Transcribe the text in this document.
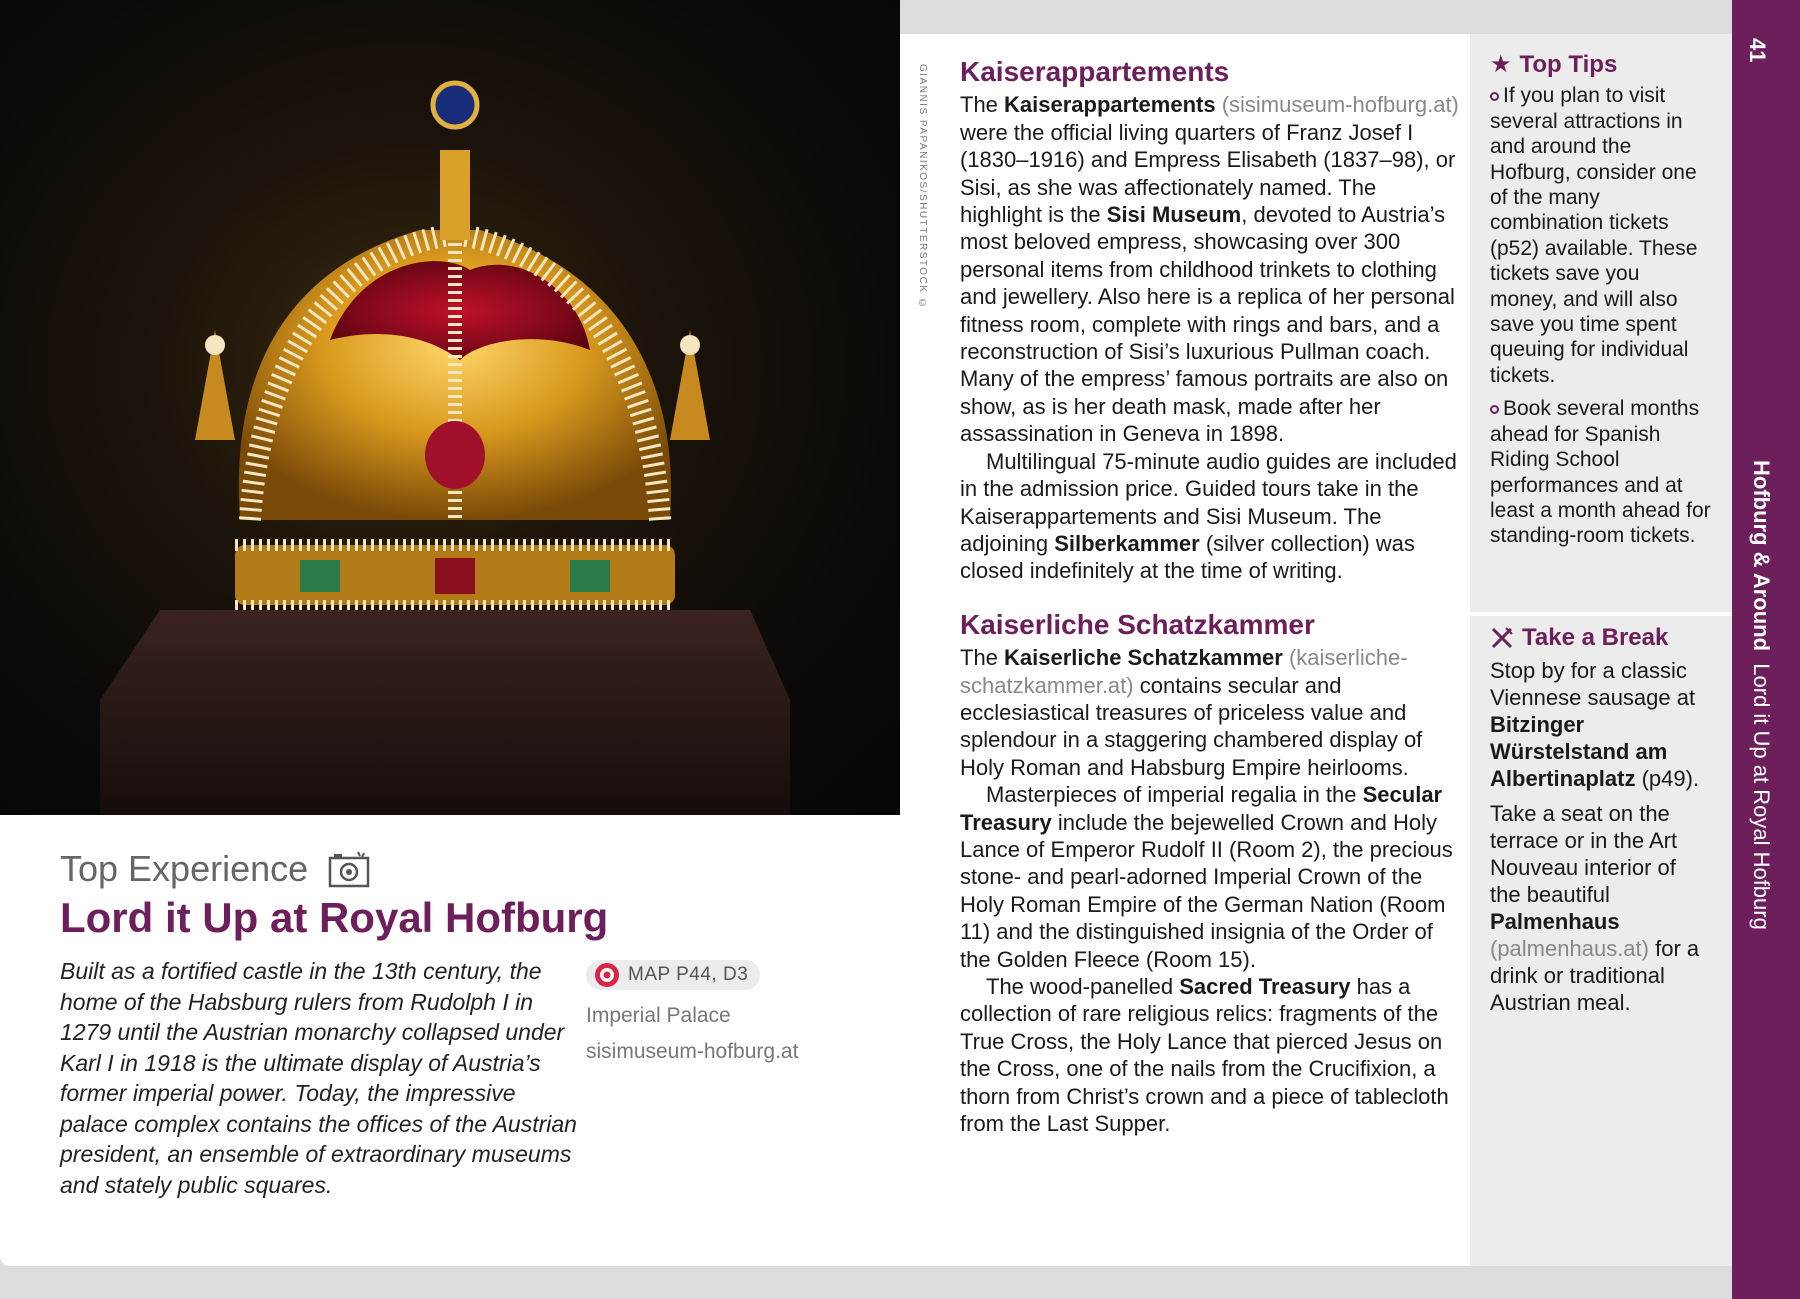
GIANNIS PAPANIKOS/SHUTTERSTOCK ©
Top Experience
Lord it Up at Royal Hofburg
Built as a fortified castle in the 13th century, the home of the Habsburg rulers from Rudolph I in 1279 until the Austrian monarchy collapsed under Karl I in 1918 is the ultimate display of Austria’s former imperial power. Today, the impressive palace complex contains the offices of the Austrian president, an ensemble of extraordinary museums and stately public squares.
MAP P44, D3
Imperial Palace
sisimuseum-hofburg.at
Kaiserappartements

The Kaiserappartements (sisimuseum-hofburg.at) were the official living quarters of Franz Josef I (1830–1916) and Empress Elisabeth (1837–98), or Sisi, as she was affectionately named. The highlight is the Sisi Museum, devoted to Austria’s most beloved empress, showcasing over 300 personal items from childhood trinkets to clothing and jewellery. Also here is a replica of her personal fitness room, complete with rings and bars, and a reconstruction of Sisi’s luxurious Pullman coach. Many of the empress’ famous portraits are also on show, as is her death mask, made after her assassination in Geneva in 1898.

Multilingual 75-minute audio guides are included in the admission price. Guided tours take in the Kaiserappartements and Sisi Museum. The adjoining Silberkammer (silver collection) was closed indefinitely at the time of writing.

Kaiserliche Schatzkammer

The Kaiserliche Schatzkammer (kaiserliche-schatzkammer.at) contains secular and ecclesiastical treasures of priceless value and splendour in a staggering chambered display of Holy Roman and Habsburg Empire heirlooms.

Masterpieces of imperial regalia in the Secular Treasury include the bejewelled Crown and Holy Lance of Emperor Rudolf II (Room 2), the precious stone- and pearl-adorned Imperial Crown of the Holy Roman Empire of the German Nation (Room 11) and the distinguished insignia of the Order of the Golden Fleece (Room 15).

The wood-panelled Sacred Treasury has a collection of rare religious relics: fragments of the True Cross, the Holy Lance that pierced Jesus on the Cross, one of the nails from the Crucifixion, a thorn from Christ’s crown and a piece of tablecloth from the Last Supper.

★ Top Tips

If you plan to visit several attractions in and around the Hofburg, consider one of the many combination tickets (p52) available. These tickets save you money, and will also save you time spent queuing for individual tickets.

Book several months ahead for Spanish Riding School performances and at least a month ahead for standing-room tickets.

Take a Break

Stop by for a classic Viennese sausage at Bitzinger Würstelstand am Albertinaplatz (p49).

Take a seat on the terrace or in the Art Nouveau interior of the beautiful Palmenhaus (palmenhaus.at) for a drink or traditional Austrian meal.

41
Hofburg & Around  Lord it Up at Royal Hofburg
